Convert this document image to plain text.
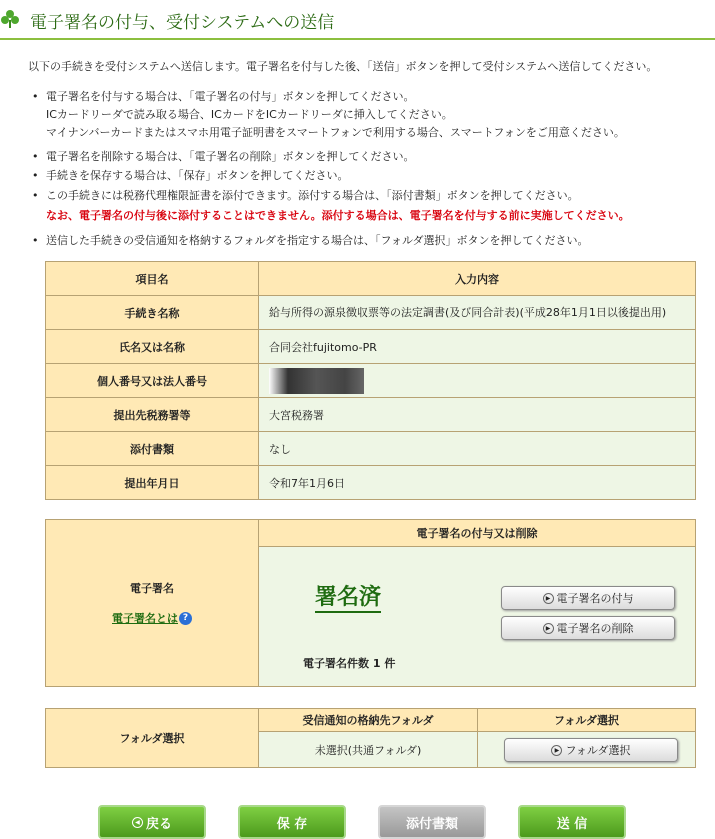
電子署名の付与、受付システムへの送信
以下の手続きを受付システムへ送信します。電子署名を付与した後、「送信」ボタンを押して受付システムへ送信してください。
• 電子署名を付与する場合は、「電子署名の付与」ボタンを押してください。
ICカードリーダで読み取る場合、ICカードをICカードリーダに挿入してください。
マイナンバーカードまたはスマホ用電子証明書をスマートフォンで利用する場合、スマートフォンをご用意ください。
• 電子署名を削除する場合は、「電子署名の削除」ボタンを押してください。
• 手続きを保存する場合は、「保存」ボタンを押してください。
• この手続きには税務代理権限証書を添付できます。添付する場合は、「添付書類」ボタンを押してください。
なお、電子署名の付与後に添付することはできません。添付する場合は、電子署名を付与する前に実施してください。
• 送信した手続きの受信通知を格納するフォルダを指定する場合は、「フォルダ選択」ボタンを押してください。
項目名	入力内容
手続き名称	給与所得の源泉徴収票等の法定調書(及び同合計表)(平成28年1月1日以後提出用)
氏名又は名称	合同会社fujitomo-PR
個人番号又は法人番号	

提出先税務署等	大宮税務署
添付書類	なし
提出年月日	令和7年1月6日
電子署名
電子署名とは ?
	電子署名の付与又は削除

署名済
電子署名件数 1 件
▶ 電子署名の付与
▶ 電子署名の削除
フォルダ選択	受信通知の格納先フォルダ	フォルダ選択
	未選択(共通フォルダ)	▶ フォルダ選択
◀ 戻る	保 存	添付書類	送 信
